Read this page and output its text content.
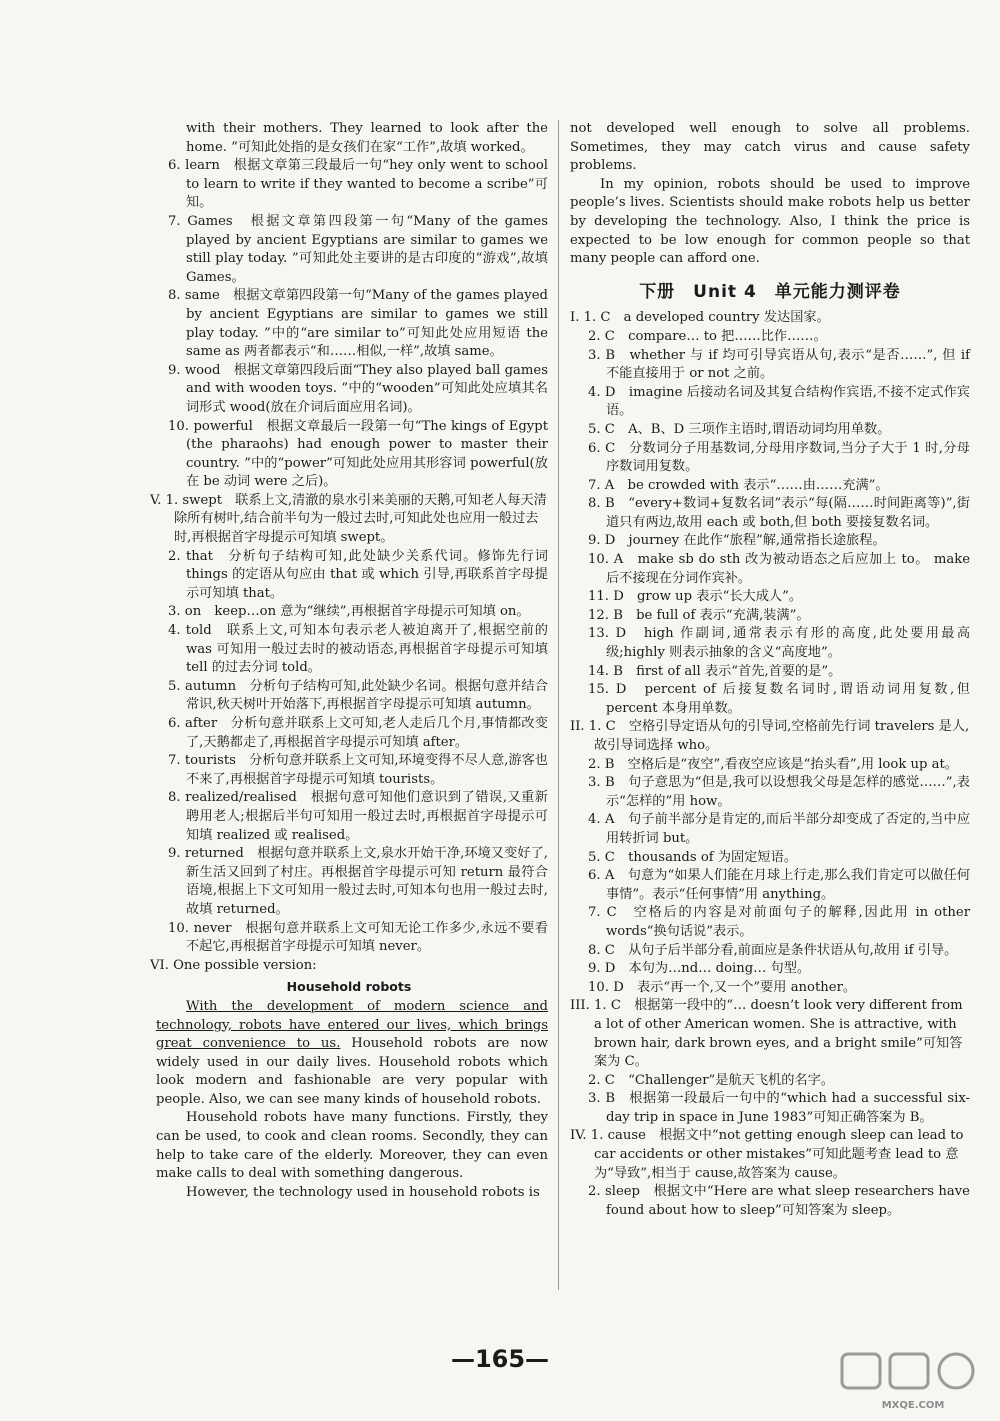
with their mothers. They learned to look after the home. ”可知此处指的是女孩们在家“工作”,故填 worked。

6. learn　根据文章第三段最后一句“hey only went to school to learn to write if they wanted to become a scribe”可知。

7. Games　根据文章第四段第一句“Many of the games played by ancient Egyptians are similar to games we still play today. ”可知此处主要讲的是古印度的“游戏”,故填 Games。

8. same　根据文章第四段第一句“Many of the games played by ancient Egyptians are similar to games we still play today. ”中的“are similar to”可知此处应用短语 the same as 两者都表示“和……相似,一样”,故填 same。

9. wood　根据文章第四段后面“They also played ball games and with wooden toys. ”中的“wooden”可知此处应填其名词形式 wood(放在介词后面应用名词)。

10. powerful　根据文章最后一段第一句“The kings of Egypt (the pharaohs) had enough power to master their country. ”中的“power”可知此处应用其形容词 powerful(放在 be 动词 were 之后)。

V. 1. swept　联系上文,清澈的泉水引来美丽的天鹅,可知老人每天清除所有树叶,结合前半句为一般过去时,可知此处也应用一般过去时,再根据首字母提示可知填 swept。

2. that　分析句子结构可知,此处缺少关系代词。修饰先行词 things 的定语从句应由 that 或 which 引导,再联系首字母提示可知填 that。

3. on　keep…on 意为“继续”,再根据首字母提示可知填 on。

4. told　联系上文,可知本句表示老人被迫离开了,根据空前的 was 可知用一般过去时的被动语态,再根据首字母提示可知填 tell 的过去分词 told。

5. autumn　分析句子结构可知,此处缺少名词。根据句意并结合常识,秋天树叶开始落下,再根据首字母提示可知填 autumn。

6. after　分析句意并联系上文可知,老人走后几个月,事情都改变了,天鹅都走了,再根据首字母提示可知填 after。

7. tourists　分析句意并联系上文可知,环境变得不尽人意,游客也不来了,再根据首字母提示可知填 tourists。

8. realized/realised　根据句意可知他们意识到了错误,又重新聘用老人;根据后半句可知用一般过去时,再根据首字母提示可知填 realized 或 realised。

9. returned　根据句意并联系上文,泉水开始干净,环境又变好了,新生活又回到了村庄。再根据首字母提示可知 return 最符合语境,根据上下文可知用一般过去时,可知本句也用一般过去时,故填 returned。

10. never　根据句意并联系上文可知无论工作多少,永远不要看不起它,再根据首字母提示可知填 never。

VI. One possible version:

Household robots

With the development of modern science and technology, robots have entered our lives, which brings great convenience to us. Household robots are now widely used in our daily lives. Household robots which look modern and fashionable are very popular with people. Also, we can see many kinds of household robots.

Household robots have many functions. Firstly, they can be used, to cook and clean rooms. Secondly, they can help to take care of the elderly. Moreover, they can even make calls to deal with something dangerous.

However, the technology used in household robots is

not developed well enough to solve all problems. Sometimes, they may catch virus and cause safety problems.

In my opinion, robots should be used to improve people’s lives. Scientists should make robots help us better by developing the technology. Also, I think the price is expected to be low enough for common people so that many people can afford one.

下册　Unit 4　单元能力测评卷

I. 1. C　a developed country 发达国家。

2. C　compare… to 把……比作……。

3. B　whether 与 if 均可引导宾语从句,表示“是否……”, 但 if 不能直接用于 or not 之前。

4. D　imagine 后接动名词及其复合结构作宾语,不接不定式作宾语。

5. C　A、B、D 三项作主语时,谓语动词均用单数。

6. C　分数词分子用基数词,分母用序数词,当分子大于 1 时,分母序数词用复数。

7. A　be crowded with 表示“……由……充满”。

8. B　“every+数词+复数名词”表示“每(隔……时间距离等)”,街道只有两边,故用 each 或 both,但 both 要接复数名词。

9. D　journey 在此作“旅程”解,通常指长途旅程。

10. A　make sb do sth 改为被动语态之后应加上 to。 make 后不接现在分词作宾补。

11. D　grow up 表示“长大成人”。

12. B　be full of 表示“充满,装满”。

13. D　high 作副词,通常表示有形的高度,此处要用最高级;highly 则表示抽象的含义“高度地”。

14. B　first of all 表示“首先,首要的是”。

15. D　percent of 后接复数名词时,谓语动词用复数,但 percent 本身用单数。

II. 1. C　空格引导定语从句的引导词,空格前先行词 travelers 是人,故引导词选择 who。

2. B　空格后是“夜空”,看夜空应该是“抬头看”,用 look up at。

3. B　句子意思为“但是,我可以设想我父母是怎样的感觉……”,表示“怎样的”用 how。

4. A　句子前半部分是肯定的,而后半部分却变成了否定的,当中应用转折词 but。

5. C　thousands of 为固定短语。

6. A　句意为“如果人们能在月球上行走,那么我们肯定可以做任何事情”。表示“任何事情”用 anything。

7. C　空格后的内容是对前面句子的解释,因此用 in other words“换句话说”表示。

8. C　从句子后半部分看,前面应是条件状语从句,故用 if 引导。

9. D　本句为…nd… doing… 句型。

10. D　表示“再一个,又一个”要用 another。

III. 1. C　根据第一段中的“… doesn’t look very different from a lot of other American women. She is attractive, with brown hair, dark brown eyes, and a bright smile”可知答案为 C。

2. C　“Challenger”是航天飞机的名字。

3. B　根据第一段最后一句中的“which had a successful six-day trip in space in June 1983”可知正确答案为 B。

IV. 1. cause　根据文中“not getting enough sleep can lead to car accidents or other mistakes”可知此题考查 lead to 意为“导致”,相当于 cause,故答案为 cause。

2. sleep　根据文中“Here are what sleep researchers have found about how to sleep”可知答案为 sleep。

—165—
MXQE.COM
